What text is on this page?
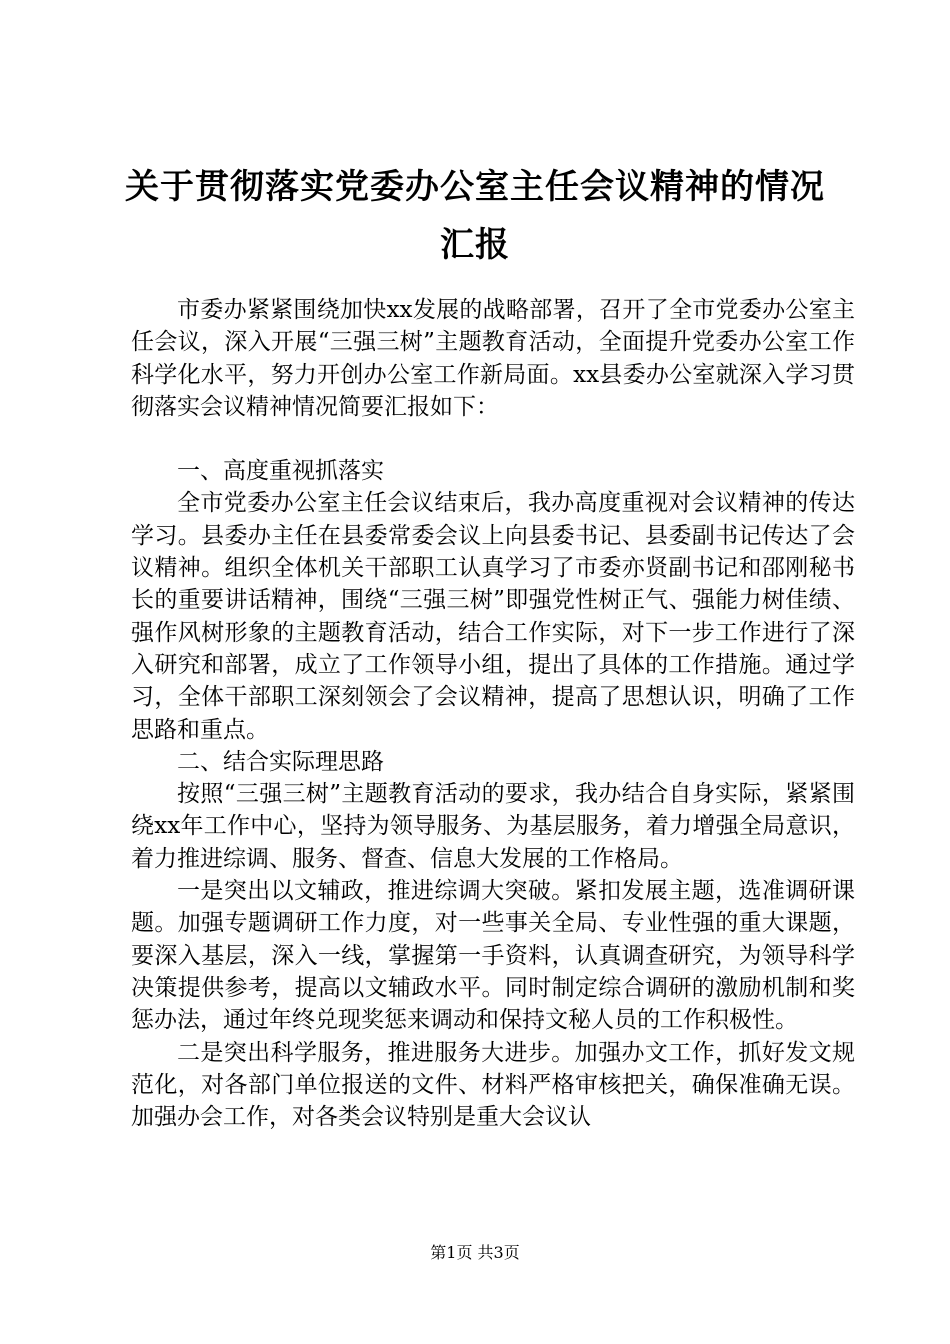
关于贯彻落实党委办公室主任会议精神的情况汇报

市委办紧紧围绕加快xx发展的战略部署，召开了全市党委办公室主任会议，深入开展“三强三树”主题教育活动，全面提升党委办公室工作科学化水平，努力开创办公室工作新局面。xx县委办公室就深入学习贯彻落实会议精神情况简要汇报如下：

一、高度重视抓落实

全市党委办公室主任会议结束后，我办高度重视对会议精神的传达学习。县委办主任在县委常委会议上向县委书记、县委副书记传达了会议精神。组织全体机关干部职工认真学习了市委亦贤副书记和邵刚秘书长的重要讲话精神，围绕“三强三树”即强党性树正气、强能力树佳绩、强作风树形象的主题教育活动，结合工作实际，对下一步工作进行了深入研究和部署，成立了工作领导小组，提出了具体的工作措施。通过学习，全体干部职工深刻领会了会议精神，提高了思想认识，明确了工作思路和重点。

二、结合实际理思路

按照“三强三树”主题教育活动的要求，我办结合自身实际，紧紧围绕xx年工作中心，坚持为领导服务、为基层服务，着力增强全局意识，着力推进综调、服务、督查、信息大发展的工作格局。

一是突出以文辅政，推进综调大突破。紧扣发展主题，选准调研课题。加强专题调研工作力度，对一些事关全局、专业性强的重大课题，要深入基层，深入一线，掌握第一手资料，认真调查研究，为领导科学决策提供参考，提高以文辅政水平。同时制定综合调研的激励机制和奖惩办法，通过年终兑现奖惩来调动和保持文秘人员的工作积极性。

二是突出科学服务，推进服务大进步。加强办文工作，抓好发文规范化，对各部门单位报送的文件、材料严格审核把关，确保准确无误。加强办会工作，对各类会议特别是重大会议认

第1页 共3页
